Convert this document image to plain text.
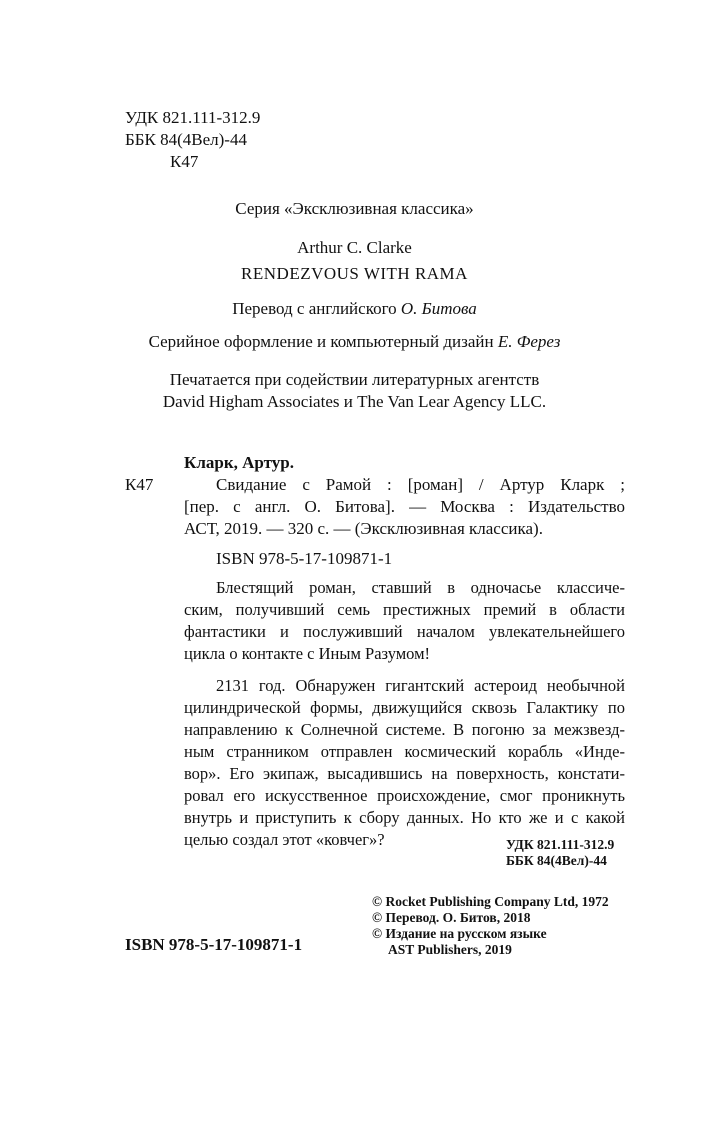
УДК 821.111-312.9
ББК 84(4Вел)-44
К47
Серия «Эксклюзивная классика»
Arthur C. Clarke
RENDEZVOUS WITH RAMA
Перевод с английского О. Битова
Серийное оформление и компьютерный дизайн Е. Ферез
Печатается при содействии литературных агентств
David Higham Associates и The Van Lear Agency LLC.
Кларк, Артур.
К47	Свидание с Рамой : [роман] / Артур Кларк ;
[пер. с англ. О. Битова]. — Москва : Издательство
АСТ, 2019. — 320 с. — (Эксклюзивная классика).
ISBN 978-5-17-109871-1
Блестящий роман, ставший в одночасье классиче-
ским, получивший семь престижных премий в области
фантастики и послуживший началом увлекательнейшего
цикла о контакте с Иным Разумом!
2131 год. Обнаружен гигантский астероид необычной
цилиндрической формы, движущийся сквозь Галактику по
направлению к Солнечной системе. В погоню за межзвезд-
ным странником отправлен космический корабль «Инде-
вор». Его экипаж, высадившись на поверхность, констати-
ровал его искусственное происхождение, смог проникнуть
внутрь и приступить к сбору данных. Но кто же и с какой
целью создал этот «ковчег»?	УДК 821.111-312.9
ББК 84(4Вел)-44
© Rocket Publishing Company Ltd, 1972
© Перевод. О. Битов, 2018
© Издание на русском языке
AST Publishers, 2019
ISBN 978-5-17-109871-1
